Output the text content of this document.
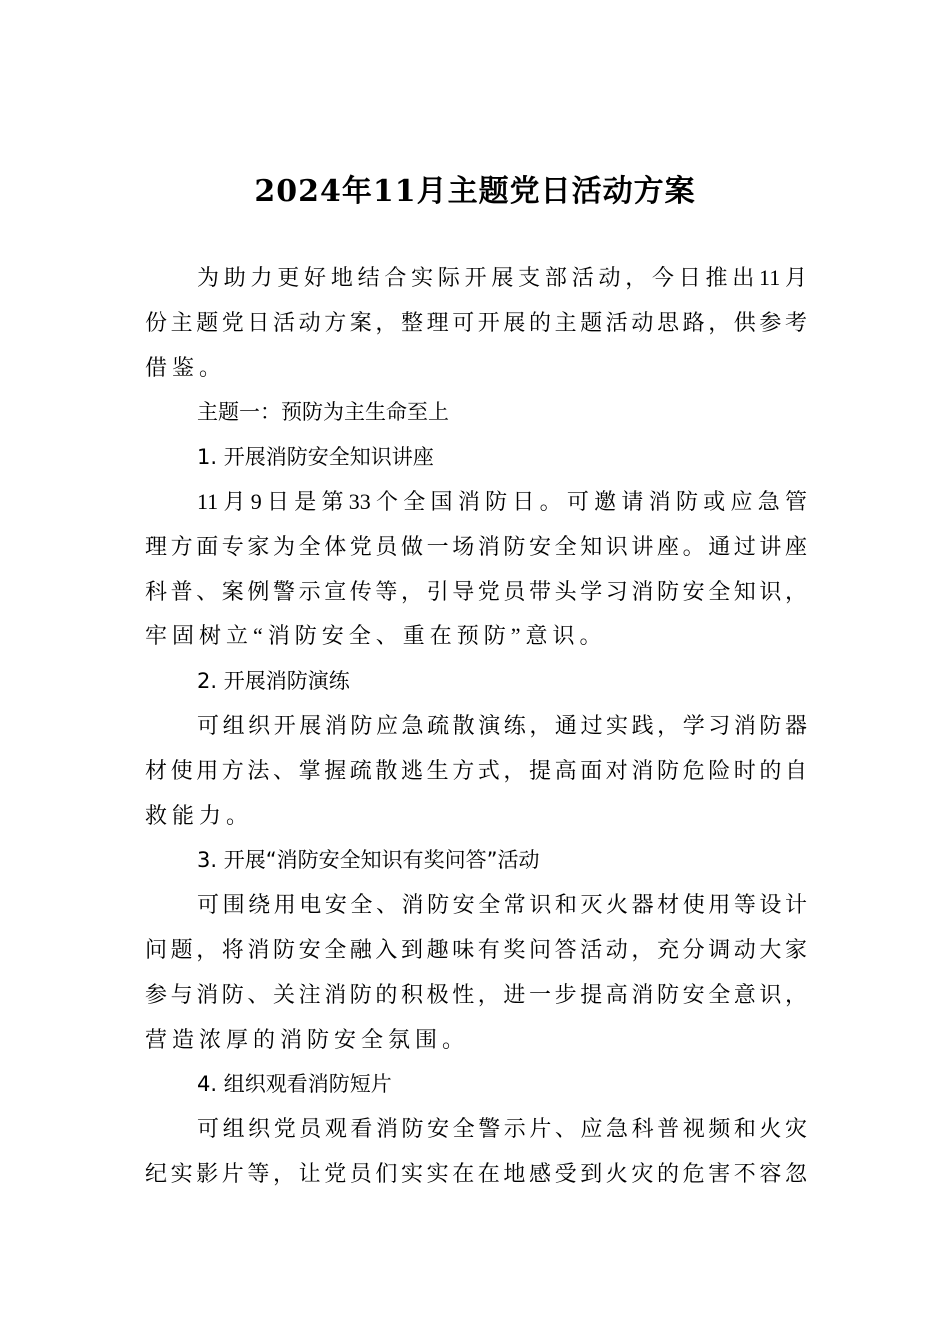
2024年11月主题党日活动方案
为助力更好地结合实际开展支部活动，今日推出11月
份主题党日活动方案，整理可开展的主题活动思路，供参考
借鉴。
主题一：预防为主生命至上
1. 开展消防安全知识讲座
11月9日是第33个全国消防日。可邀请消防或应急管
理方面专家为全体党员做一场消防安全知识讲座。通过讲座
科普、案例警示宣传等，引导党员带头学习消防安全知识，
牢固树立“消防安全、重在预防”意识。
2. 开展消防演练
可组织开展消防应急疏散演练，通过实践，学习消防器
材使用方法、掌握疏散逃生方式，提高面对消防危险时的自
救能力。
3. 开展“消防安全知识有奖问答”活动
可围绕用电安全、消防安全常识和灭火器材使用等设计
问题，将消防安全融入到趣味有奖问答活动，充分调动大家
参与消防、关注消防的积极性，进一步提高消防安全意识，
营造浓厚的消防安全氛围。
4. 组织观看消防短片
可组织党员观看消防安全警示片、应急科普视频和火灾
纪实影片等，让党员们实实在在地感受到火灾的危害不容忽
